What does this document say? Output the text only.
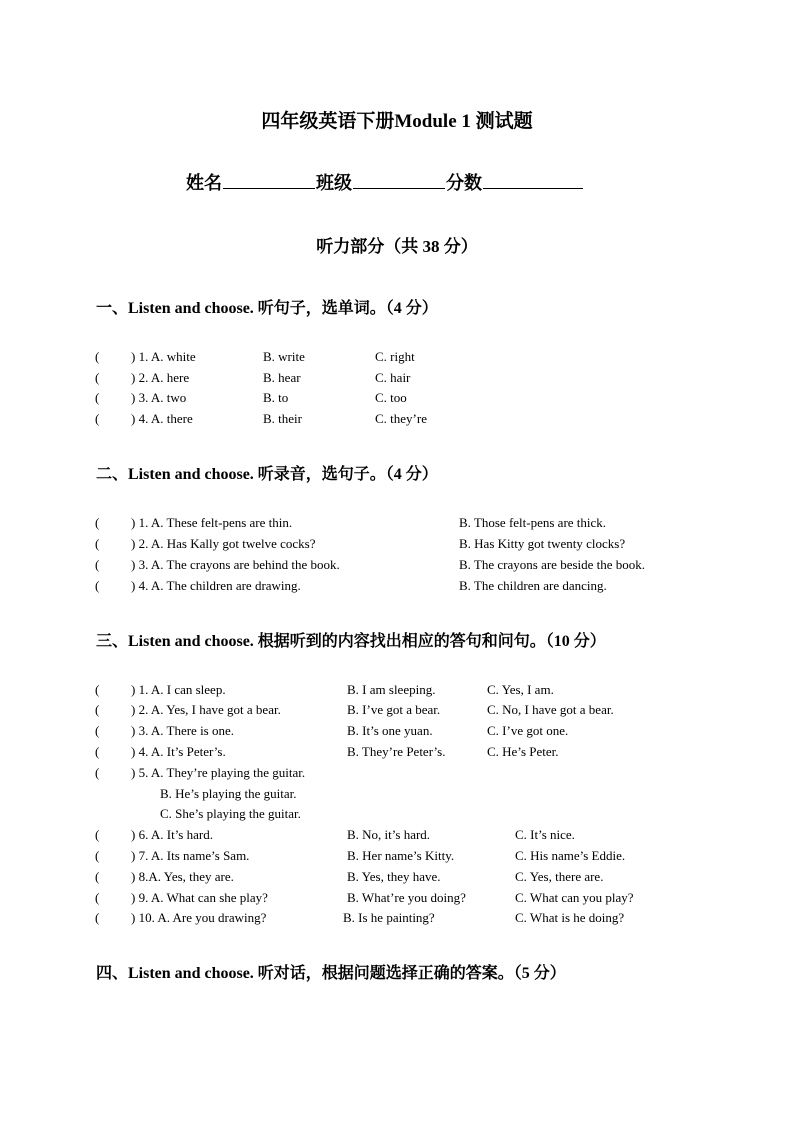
四年级英语下册Module 1 测试题
姓名	班级	分数
听力部分（共 38 分）
一、Listen and choose. 听句子，选单词。（4 分）
( ) 1. A. white	B. write	C. right
( ) 2. A. here	B. hear	C. hair
( ) 3. A. two	B. to	C. too
( ) 4. A. there	B. their	C. they’re
二、Listen and choose. 听录音，选句子。（4 分）
( ) 1. A. These felt-pens are thin.	B. Those felt-pens are thick.
( ) 2. A. Has Kally got twelve cocks?	B. Has Kitty got twenty clocks?
( ) 3. A. The crayons are behind the book.	B. The crayons are beside the book.
( ) 4. A. The children are drawing.	B. The children are dancing.
三、Listen and choose. 根据听到的内容找出相应的答句和问句。（10 分）
( ) 1. A. I can sleep.	B. I am sleeping.	C. Yes, I am.
( ) 2. A. Yes, I have got a bear.	B. I’ve got a bear.	C. No, I have got a bear.
( ) 3. A. There is one.	B. It’s one yuan.	C. I’ve got one.
( ) 4. A. It’s Peter’s.	B. They’re Peter’s.	C. He’s Peter.
( ) 5. A. They’re playing the guitar.
B. He’s playing the guitar.
C. She’s playing the guitar.
( ) 6. A. It’s hard.	B. No, it’s hard.	C. It’s nice.
( ) 7. A. Its name’s Sam.	B. Her name’s Kitty.	C. His name’s Eddie.
( ) 8.A. Yes, they are.	B. Yes, they have.	C. Yes, there are.
( ) 9. A. What can she play?	B. What’re you doing?	C. What can you play?
( ) 10. A. Are you drawing?	B. Is he painting?	C. What is he doing?
四、Listen and choose. 听对话，根据问题选择正确的答案。（5 分）
